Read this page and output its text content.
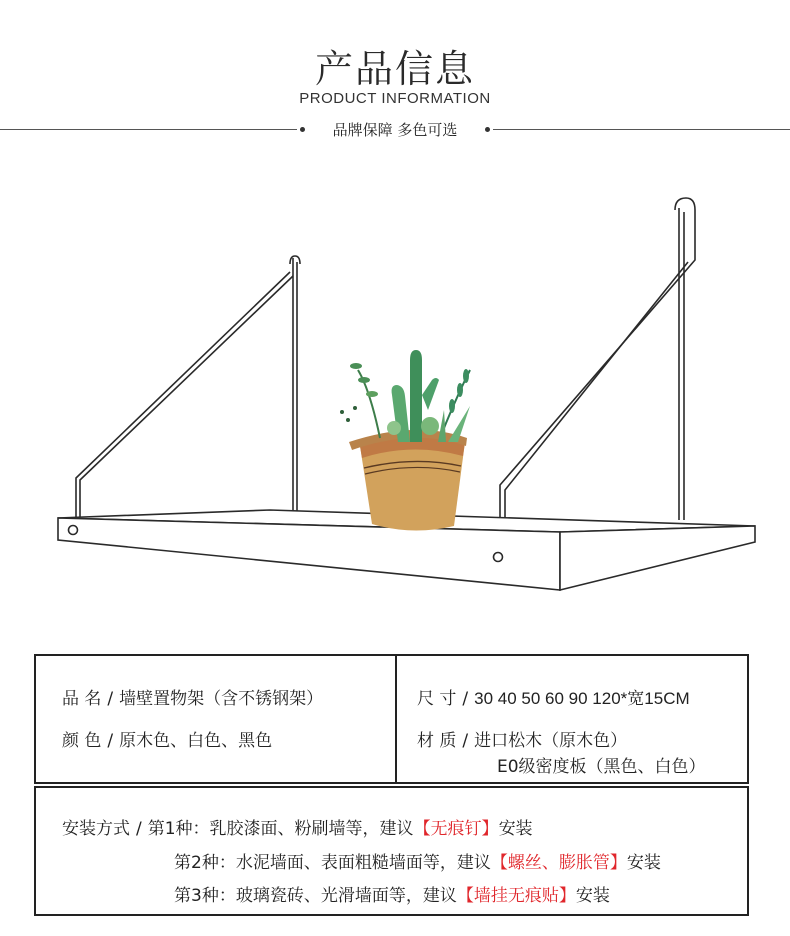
产品信息
PRODUCT INFORMATION
品牌保障 多色可选
品 名 / 墙壁置物架（含不锈钢架）
颜 色 / 原木色、白色、黑色
尺 寸 / 30 40 50 60 90 120*宽15CM
材 质 / 进口松木（原木色）
E0级密度板（黑色、白色）
安装方式 / 第1种：乳胶漆面、粉刷墙等，建议【无痕钉】安装
第2种：水泥墙面、表面粗糙墙面等，建议【螺丝、膨胀管】安装
第3种：玻璃瓷砖、光滑墙面等，建议【墙挂无痕贴】安装
